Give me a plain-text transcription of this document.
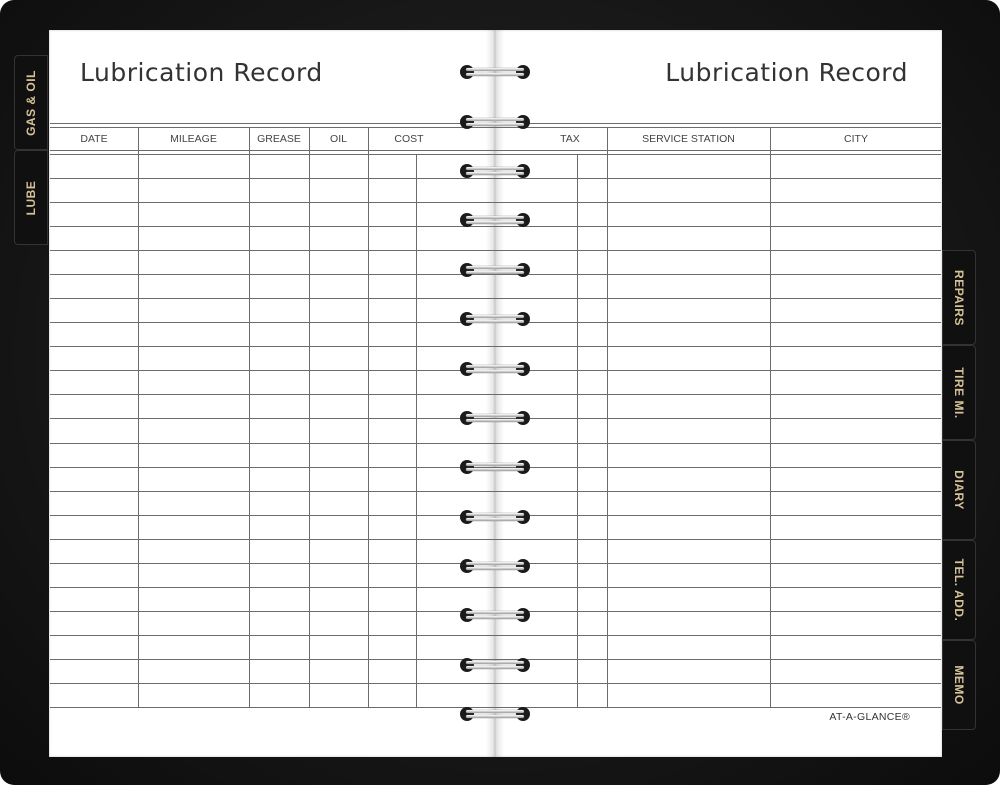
Lubrication Record	Lubrication Record
DATE	MILEAGE	GREASE	OIL	COST	TAX	SERVICE STATION	CITY
GAS & OIL
LUBE
REPAIRS
TIRE MI.
DIARY
TEL. ADD.
MEMO
AT-A-GLANCE®
